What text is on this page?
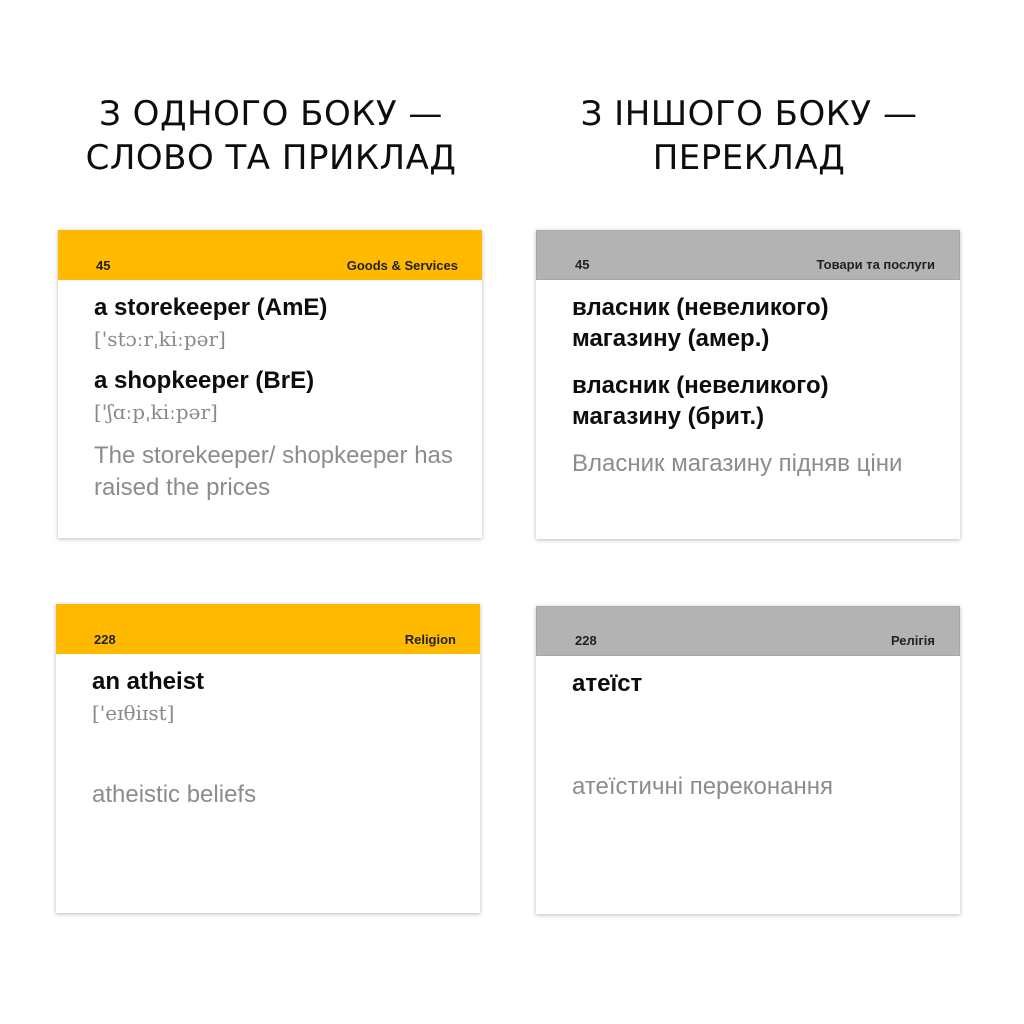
З ОДНОГО БОКУ —
СЛОВО ТА ПРИКЛАД
З ІНШОГО БОКУ —
ПЕРЕКЛАД
45	Goods & Services

a storekeeper (AmE)

['stɔːrˌkiːpər]

a shopkeeper (BrE)

['ʃɑːpˌkiːpər]

The storekeeper/ shopkeeper has raised the prices

45	Товари та послуги

власник (невеликого) магазину (амер.)

власник (невеликого) магазину (брит.)

Власник магазину підняв ціни

228	Religion

an atheist

['eɪθiɪst]

atheistic beliefs

228	Релігія

атеїст

атеїстичні переконання
